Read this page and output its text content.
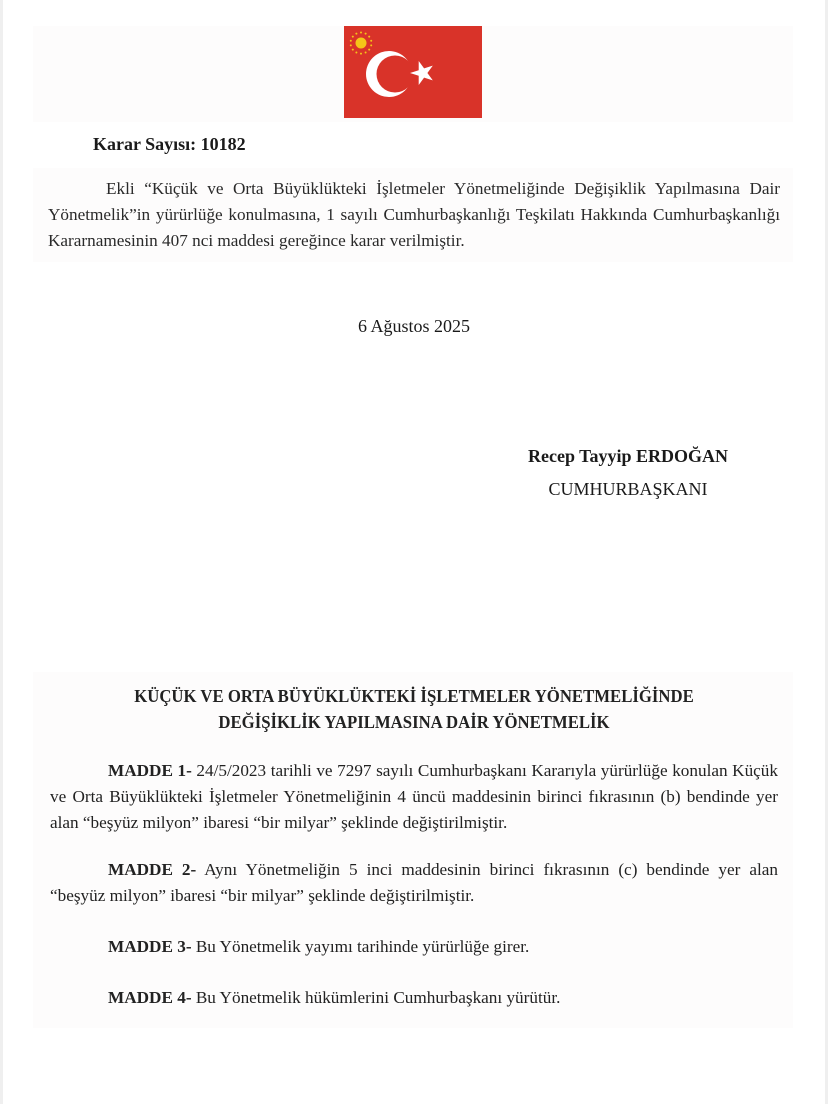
Karar Sayısı: 10182
Ekli “Küçük ve Orta Büyüklükteki İşletmeler Yönetmeliğinde Değişiklik Yapılmasına Dair Yönetmelik”in yürürlüğe konulmasına, 1 sayılı Cumhurbaşkanlığı Teşkilatı Hakkında Cumhurbaşkanlığı Kararnamesinin 407 nci maddesi gereğince karar verilmiştir.
6 Ağustos 2025
Recep Tayyip ERDOĞAN
CUMHURBAŞKANI
KÜÇÜK VE ORTA BÜYÜKLÜKTEKİ İŞLETMELER YÖNETMELİĞİNDE
DEĞİŞİKLİK YAPILMASINA DAİR YÖNETMELİK
MADDE 1- 24/5/2023 tarihli ve 7297 sayılı Cumhurbaşkanı Kararıyla yürürlüğe konulan Küçük ve Orta Büyüklükteki İşletmeler Yönetmeliğinin 4 üncü maddesinin birinci fıkrasının (b) bendinde yer alan “beşyüz milyon” ibaresi “bir milyar” şeklinde değiştirilmiştir.
MADDE 2- Aynı Yönetmeliğin 5 inci maddesinin birinci fıkrasının (c) bendinde yer alan “beşyüz milyon” ibaresi “bir milyar” şeklinde değiştirilmiştir.
MADDE 3- Bu Yönetmelik yayımı tarihinde yürürlüğe girer.
MADDE 4- Bu Yönetmelik hükümlerini Cumhurbaşkanı yürütür.
